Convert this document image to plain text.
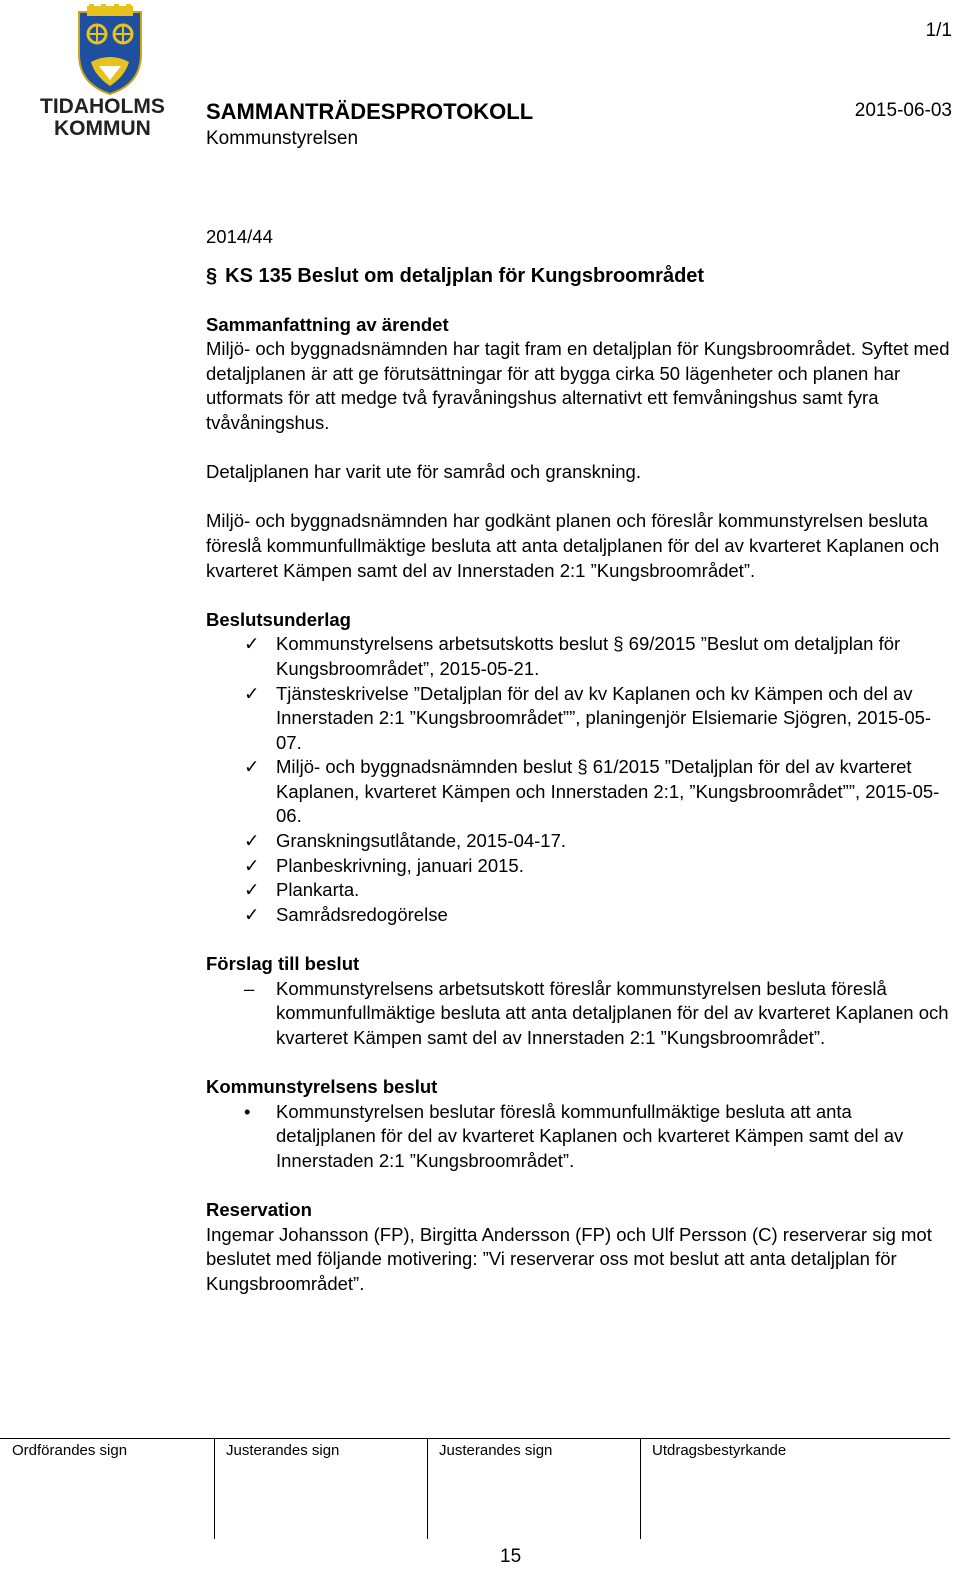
TIDAHOLMS
KOMMUN
1/1
SAMMANTRÄDESPROTOKOLL	2015-06-03
Kommunstyrelsen

2014/44

§ KS 135 Beslut om detaljplan för Kungsbroområdet

Sammanfattning av ärendet

Miljö- och byggnadsnämnden har tagit fram en detaljplan för Kungsbroområdet. Syftet med detaljplanen är att ge förutsättningar för att bygga cirka 50 lägenheter och planen har utformats för att medge två fyravåningshus alternativt ett femvåningshus samt fyra tvåvåningshus.

Detaljplanen har varit ute för samråd och granskning.

Miljö- och byggnadsnämnden har godkänt planen och föreslår kommunstyrelsen besluta föreslå kommunfullmäktige besluta att anta detaljplanen för del av kvarteret Kaplanen och kvarteret Kämpen samt del av Innerstaden 2:1 ”Kungsbroområdet”.

Beslutsunderlag

✓ Kommunstyrelsens arbetsutskotts beslut § 69/2015 ”Beslut om detaljplan för Kungsbroområdet”, 2015-05-21.
✓ Tjänsteskrivelse ”Detaljplan för del av kv Kaplanen och kv Kämpen och del av Innerstaden 2:1 ”Kungsbroområdet””, planingenjör Elsiemarie Sjögren, 2015-05-07.
✓ Miljö- och byggnadsnämnden beslut § 61/2015 ”Detaljplan för del av kvarteret Kaplanen, kvarteret Kämpen och Innerstaden 2:1, ”Kungsbroområdet””, 2015-05-06.
✓ Granskningsutlåtande, 2015-04-17.
✓ Planbeskrivning, januari 2015.
✓ Plankarta.
✓ Samrådsredogörelse

Förslag till beslut

–	Kommunstyrelsens arbetsutskott föreslår kommunstyrelsen besluta föreslå kommunfullmäktige besluta att anta detaljplanen för del av kvarteret Kaplanen och kvarteret Kämpen samt del av Innerstaden 2:1 ”Kungsbroområdet”.

Kommunstyrelsens beslut

•	Kommunstyrelsen beslutar föreslå kommunfullmäktige besluta att anta detaljplanen för del av kvarteret Kaplanen och kvarteret Kämpen samt del av Innerstaden 2:1 ”Kungsbroområdet”.

Reservation

Ingemar Johansson (FP), Birgitta Andersson (FP) och Ulf Persson (C) reserverar sig mot beslutet med följande motivering: ”Vi reserverar oss mot beslut att anta detaljplan för Kungsbroområdet”.

Ordförandes sign	Justerandes sign	Justerandes sign	Utdragsbestyrkande
15
